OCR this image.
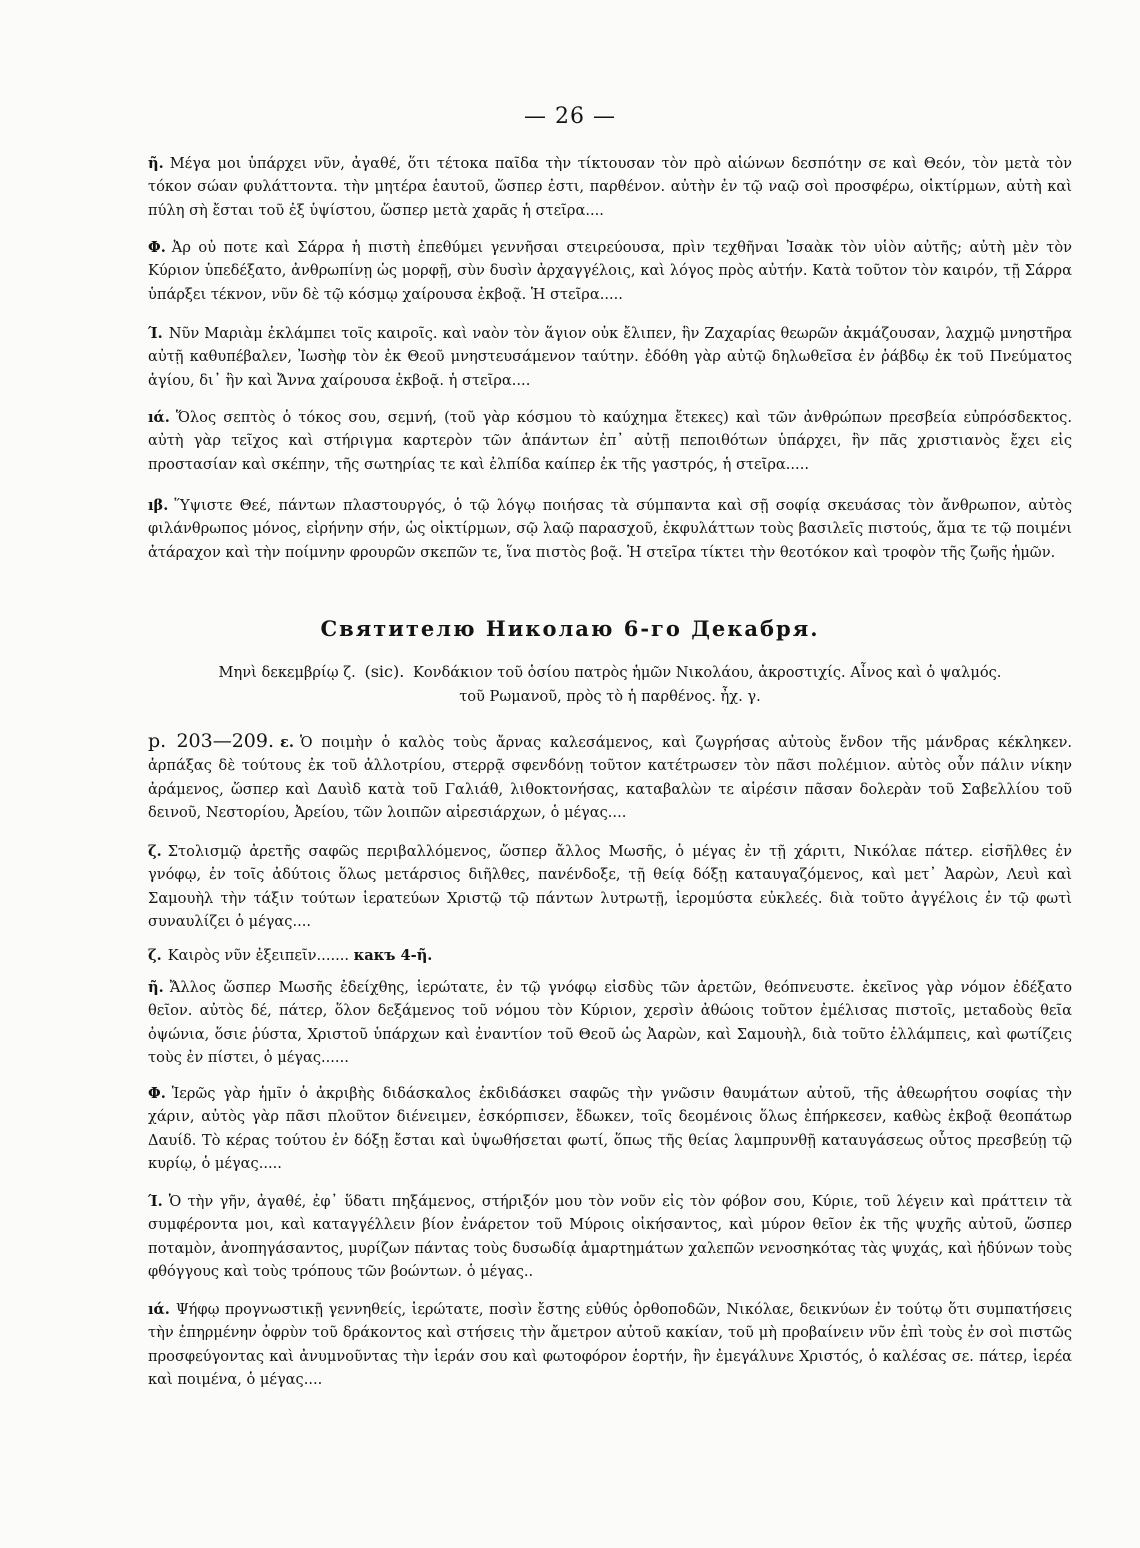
— 26 —
ῆ. Μέγα μοι ὑπάρχει νῦν, ἀγαθέ, ὅτι τέτοκα παῖδα τὴν τίκτουσαν τὸν πρὸ αἰώνων δεσπότην σε καὶ Θεόν, τὸν μετὰ τὸν τόκον σώαν φυλάττοντα. τὴν μητέρα ἑαυτοῦ, ὥσπερ ἐστι, παρθένον. αὐτὴν ἐν τῷ ναῷ σοὶ προσφέρω, οἰκτίρμων, αὐτὴ καὶ πύλη σὴ ἔσται τοῦ ἐξ ὑψίστου, ὥσπερ μετὰ χαρᾶς ἡ στεῖρα....
Φ. Ἀρ οὐ ποτε καὶ Σάρρα ἡ πιστὴ ἐπεθύμει γεννῆσαι στειρεύουσα, πρὶν τεχθῆναι Ἰσαὰκ τὸν υἱὸν αὐτῆς; αὐτὴ μὲν τὸν Κύριον ὑπεδέξατο, ἀνθρωπίνῃ ὡς μορφῇ, σὺν δυσὶν ἀρχαγγέλοις, καὶ λόγος πρὸς αὐτήν. Κατὰ τοῦτον τὸν καιρόν, τῇ Σάρρα ὑπάρξει τέκνον, νῦν δὲ τῷ κόσμῳ χαίρουσα ἐκβοᾷ. Ἡ στεῖρα.....
Ί. Νῦν Μαριὰμ ἐκλάμπει τοῖς καιροῖς. καὶ ναὸν τὸν ἅγιον οὐκ ἔλιπεν, ἣν Ζαχαρίας θεωρῶν ἀκμάζουσαν, λαχμῷ μνηστῆρα αὐτῇ καθυπέβαλεν, Ἰωσὴφ τὸν ἐκ Θεοῦ μνηστευσάμενον ταύτην. ἐδόθη γὰρ αὐτῷ δηλωθεῖσα ἐν ῥάβδῳ ἐκ τοῦ Πνεύματος ἁγίου, δι᾽ ἣν καὶ Ἄννα χαίρουσα ἐκβοᾷ. ἡ στεῖρα....
ıά. Ὅλος σεπτὸς ὁ τόκος σου, σεμνή, (τοῦ γὰρ κόσμου τὸ καύχημα ἔτεκες) καὶ τῶν ἀνθρώπων πρεσβεία εὐπρόσδεκτος. αὐτὴ γὰρ τεῖχος καὶ στήριγμα καρτερὸν τῶν ἁπάντων ἐπ᾽ αὐτῇ πεποιθότων ὑπάρχει, ἣν πᾶς χριστιανὸς ἔχει εἰς προστασίαν καὶ σκέπην, τῆς σωτηρίας τε καὶ ἐλπίδα καίπερ ἐκ τῆς γαστρός, ἡ στεῖρα.....
ıβ. Ὕψιστε Θεέ, πάντων πλαστουργός, ὁ τῷ λόγῳ ποιήσας τὰ σύμπαντα καὶ σῇ σοφίᾳ σκευάσας τὸν ἄνθρωπον, αὐτὸς φιλάνθρωπος μόνος, εἰρήνην σήν, ὡς οἰκτίρμων, σῷ λαῷ παρασχοῦ, ἐκφυλάττων τοὺς βασιλεῖς πιστούς, ἅμα τε τῷ ποιμένι ἀτάραχον καὶ τὴν ποίμνην φρουρῶν σκεπῶν τε, ἵνα πιστὸς βοᾷ. Ἡ στεῖρα τίκτει τὴν θεοτόκον καὶ τροφὸν τῆς ζωῆς ἡμῶν.
Святителю Николаю 6-го Декабря.
Μηνὶ δεκεμβρίῳ ζ. (sic). Κονδάκιον τοῦ ὁσίου πατρὸς ἡμῶν Νικολάου, ἀκροστιχίς. Αἶνος καὶ ὁ ψαλμός.
τοῦ Ρωμανοῦ, πρὸς τὸ ἡ παρθένος. ἦχ. γ.
p. 203—209. ε. Ὁ ποιμὴν ὁ καλὸς τοὺς ἄρνας καλεσάμενος, καὶ ζωγρήσας αὐτοὺς ἔνδον τῆς μάνδρας κέκληκεν. ἁρπάξας δὲ τούτους ἐκ τοῦ ἀλλοτρίου, στερρᾷ σφενδόνῃ τοῦτον κατέτρωσεν τὸν πᾶσι πολέμιον. αὐτὸς οὖν πάλιν νίκην ἀράμενος, ὥσπερ καὶ Δαυὶδ κατὰ τοῦ Γαλιάθ, λιθοκτονήσας, καταβαλὼν τε αἱρέσιν πᾶσαν δολερὰν τοῦ Σαβελλίου τοῦ δεινοῦ, Νεστορίου, Ἀρείου, τῶν λοιπῶν αἱρεσιάρχων, ὁ μέγας....
ζ. Στολισμῷ ἀρετῆς σαφῶς περιβαλλόμενος, ὥσπερ ἄλλος Μωσῆς, ὁ μέγας ἐν τῇ χάριτι, Νικόλαε πάτερ. εἰσῆλθες ἐν γνόφῳ, ἐν τοῖς ἀδύτοις ὅλως μετάρσιος διῆλθες, πανένδοξε, τῇ θείᾳ δόξῃ καταυγαζόμενος, καὶ μετ᾽ Ἀαρὼν, Λευὶ καὶ Σαμουὴλ τὴν τάξιν τούτων ἱερατεύων Χριστῷ τῷ πάντων λυτρωτῇ, ἱερομύστα εὐκλεές. διὰ τοῦτο ἀγγέλοις ἐν τῷ φωτὶ συναυλίζει ὁ μέγας....
ζ. Καιρὸς νῦν ἐξειπεῖν....... какъ 4-ῆ.
ῆ. Ἄλλος ὥσπερ Μωσῆς ἐδείχθης, ἱερώτατε, ἐν τῷ γνόφῳ εἰσδὺς τῶν ἀρετῶν, θεόπνευστε. ἐκεῖνος γὰρ νόμον ἐδέξατο θεῖον. αὐτὸς δέ, πάτερ, ὅλον δεξάμενος τοῦ νόμου τὸν Κύριον, χερσὶν ἀθώοις τοῦτον ἐμέλισας πιστοῖς, μεταδοὺς θεῖα ὀψώνια, ὅσιε ῥύστα, Χριστοῦ ὑπάρχων καὶ ἐναντίον τοῦ Θεοῦ ὡς Ἀαρὼν, καὶ Σαμουὴλ, διὰ τοῦτο ἐλλάμπεις, καὶ φωτίζεις τοὺς ἐν πίστει, ὁ μέγας......
Φ. Ἱερῶς γὰρ ἡμῖν ὁ ἀκριβὴς διδάσκαλος ἐκδιδάσκει σαφῶς τὴν γνῶσιν θαυμάτων αὐτοῦ, τῆς ἀθεωρήτου σοφίας τὴν χάριν, αὐτὸς γὰρ πᾶσι πλοῦτον διένειμεν, ἐσκόρπισεν, ἔδωκεν, τοῖς δεομένοις ὅλως ἐπήρκεσεν, καθὼς ἐκβοᾷ θεοπάτωρ Δαυίδ. Τὸ κέρας τούτου ἐν δόξῃ ἔσται καὶ ὑψωθήσεται φωτί, ὅπως τῆς θείας λαμπρυνθῇ καταυγάσεως οὗτος πρεσβεύῃ τῷ κυρίῳ, ὁ μέγας.....
Ί. Ὁ τὴν γῆν, ἀγαθέ, ἐφ᾽ ὕδατι πηξάμενος, στήριξόν μου τὸν νοῦν εἰς τὸν φόβον σου, Κύριε, τοῦ λέγειν καὶ πράττειν τὰ συμφέροντα μοι, καὶ καταγγέλλειν βίον ἐνάρετον τοῦ Μύροις οἰκήσαντος, καὶ μύρον θεῖον ἐκ τῆς ψυχῆς αὐτοῦ, ὥσπερ ποταμὸν, ἀνοπηγάσαντος, μυρίζων πάντας τοὺς δυσωδίᾳ ἁμαρτημάτων χαλεπῶν νενοσηκότας τὰς ψυχάς, καὶ ἡδύνων τοὺς φθόγγους καὶ τοὺς τρόπους τῶν βοώντων. ὁ μέγας..
ıά. Ψήφῳ προγνωστικῇ γεννηθείς, ἱερώτατε, ποσὶν ἔστης εὐθύς ὀρθοποδῶν, Νικόλαε, δεικνύων ἐν τούτῳ ὅτι συμπατήσεις τὴν ἐπηρμένην ὀφρὺν τοῦ δράκοντος καὶ στήσεις τὴν ἄμετρον αὐτοῦ κακίαν, τοῦ μὴ προβαίνειν νῦν ἐπὶ τοὺς ἐν σοὶ πιστῶς προσφεύγοντας καὶ ἀνυμνοῦντας τὴν ἱεράν σου καὶ φωτοφόρον ἑορτήν, ἣν ἐμεγάλυνε Χριστός, ὁ καλέσας σε. πάτερ, ἱερέα καὶ ποιμένα, ὁ μέγας....
